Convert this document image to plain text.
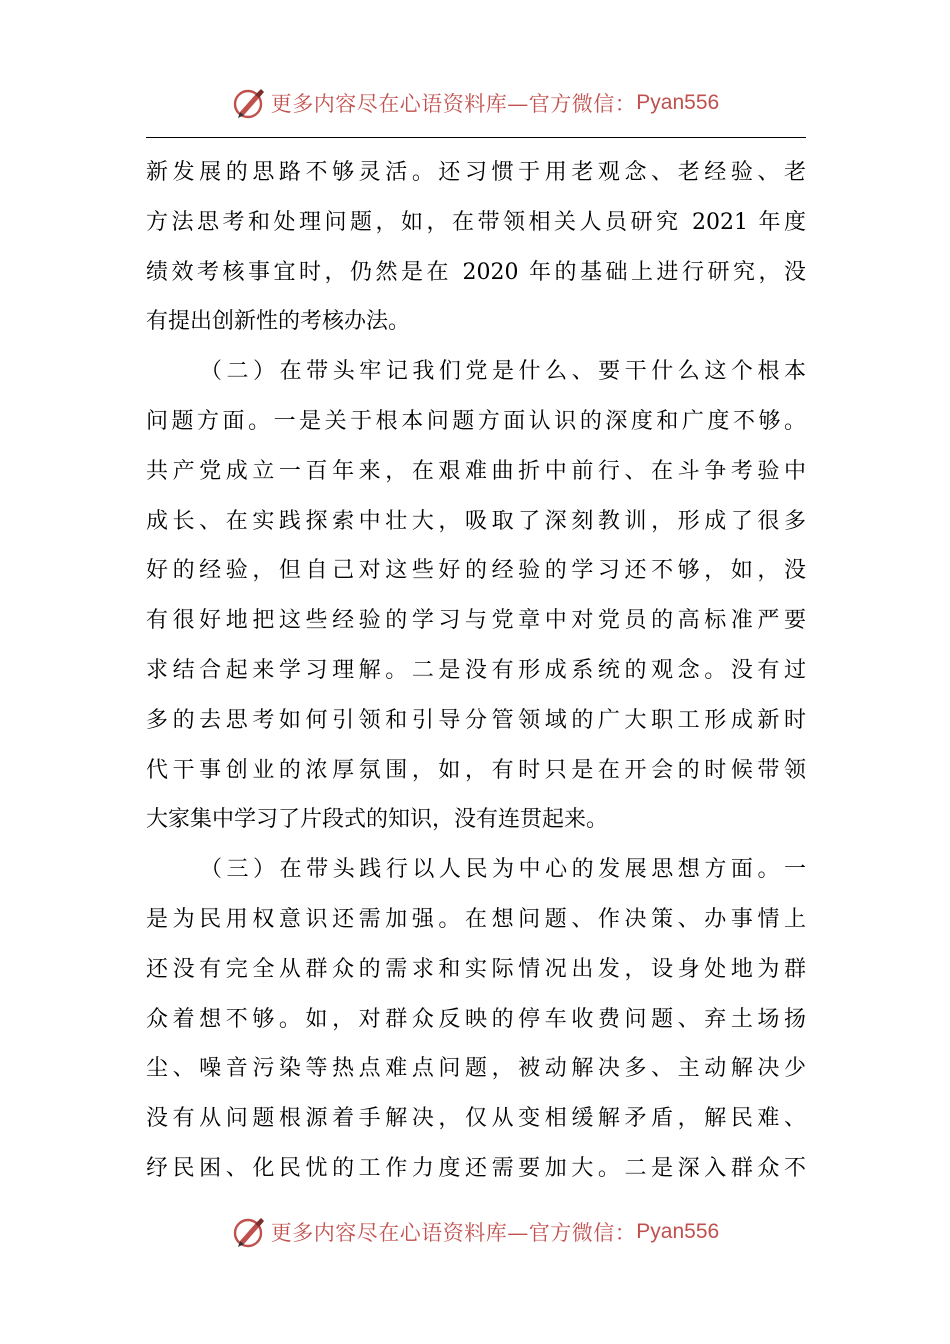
更多内容尽在心语资料库—官方微信： Pyan556
新发展的思路不够灵活。还习惯于用老观念、老经验、老
方法思考和处理问题，如，在带领相关人员研究 2021 年度
绩效考核事宜时，仍然是在 2020 年的基础上进行研究，没
有提出创新性的考核办法。
（二）在带头牢记我们党是什么、要干什么这个根本
问题方面。一是关于根本问题方面认识的深度和广度不够。
共产党成立一百年来，在艰难曲折中前行、在斗争考验中
成长、在实践探索中壮大，吸取了深刻教训，形成了很多
好的经验，但自己对这些好的经验的学习还不够，如，没
有很好地把这些经验的学习与党章中对党员的高标准严要
求结合起来学习理解。二是没有形成系统的观念。没有过
多的去思考如何引领和引导分管领域的广大职工形成新时
代干事创业的浓厚氛围，如，有时只是在开会的时候带领
大家集中学习了片段式的知识，没有连贯起来。
（三）在带头践行以人民为中心的发展思想方面。一
是为民用权意识还需加强。在想问题、作决策、办事情上
还没有完全从群众的需求和实际情况出发，设身处地为群
众着想不够。如，对群众反映的停车收费问题、弃土场扬
尘、噪音污染等热点难点问题，被动解决多、主动解决少
没有从问题根源着手解决，仅从变相缓解矛盾，解民难、
纾民困、化民忧的工作力度还需要加大。二是深入群众不
更多内容尽在心语资料库—官方微信： Pyan556
